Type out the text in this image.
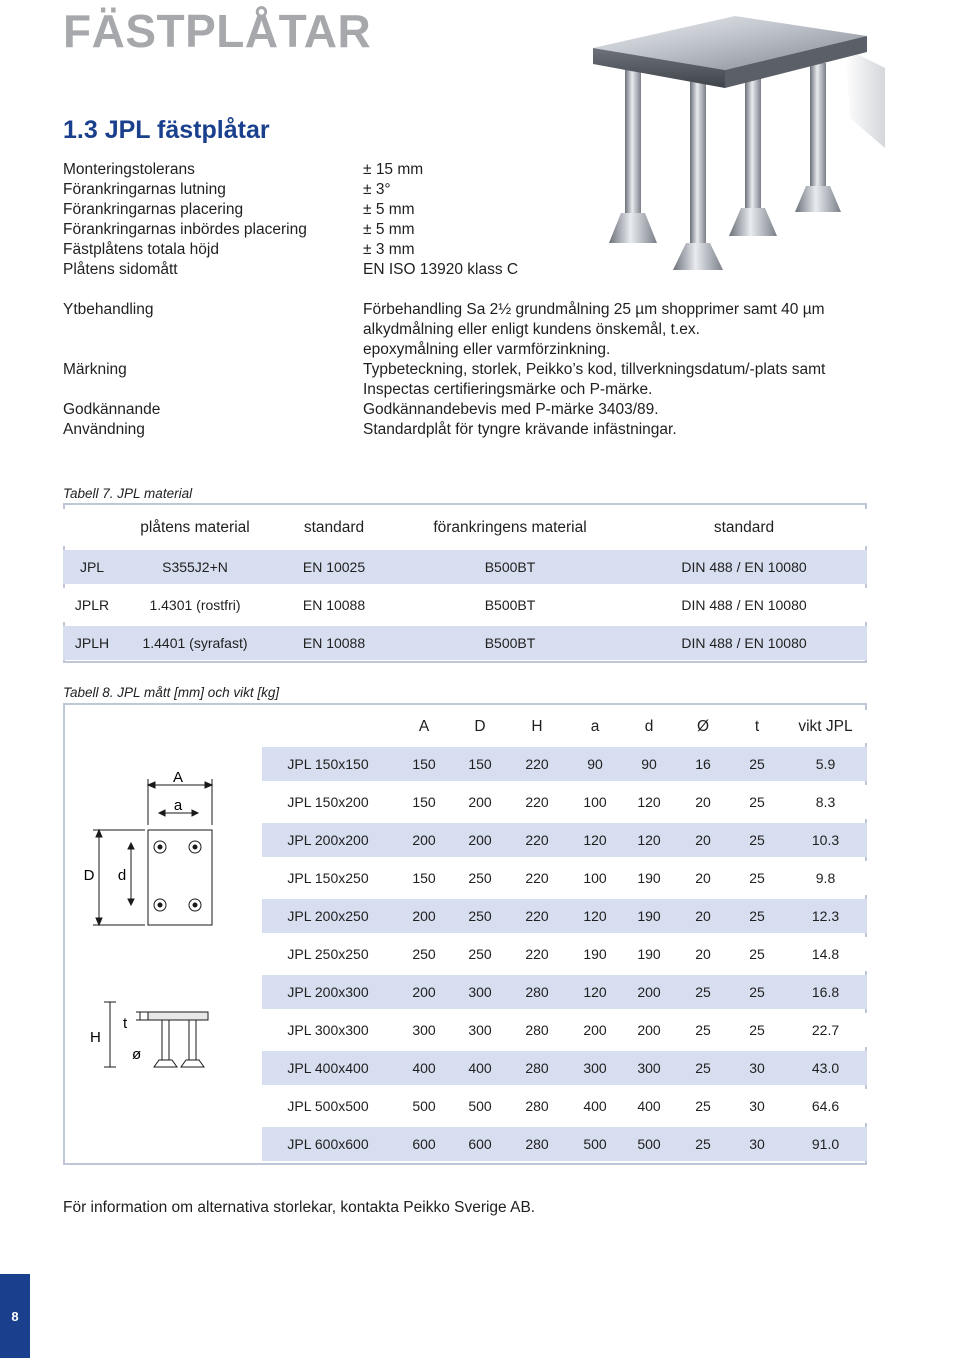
FÄSTPLÅTAR
1.3 JPL fästplåtar
Monteringstolerans	± 15 mm
Förankringarnas lutning	± 3°
Förankringarnas placering	± 5 mm
Förankringarnas inbördes placering	± 5 mm
Fästplåtens totala höjd	± 3 mm
Plåtens sidomått	EN ISO 13920 klass C
Ytbehandling	Förbehandling Sa 2½ grundmålning 25 µm shopprimer samt 40 µm
alkydmålning eller enligt kundens önskemål, t.ex.
epoxymålning eller varmförzinkning.
Märkning	Typbeteckning, storlek, Peikko’s kod, tillverkningsdatum/-plats samt
Inspectas certifieringsmärke och P-märke.
Godkännande	Godkännandebevis med P-märke 3403/89.
Användning	Standardplåt för tyngre krävande infästningar.
Tabell 7. JPL material
	plåtens material	standard	förankringens material	standard
JPL	S355J2+N	EN 10025	B500BT	DIN 488 / EN 10080
JPLR	1.4301 (rostfri)	EN 10088	B500BT	DIN 488 / EN 10080
JPLH	1.4401 (syrafast)	EN 10088	B500BT	DIN 488 / EN 10080
Tabell 8. JPL mått [mm] och vikt [kg]
A
a
D d
H
t
ø
	A	D	H	a	d	Ø	t	vikt JPL
JPL 150x150	150	150	220	90	90	16	25	5.9
JPL 150x200	150	200	220	100	120	20	25	8.3
JPL 200x200	200	200	220	120	120	20	25	10.3
JPL 150x250	150	250	220	100	190	20	25	9.8
JPL 200x250	200	250	220	120	190	20	25	12.3
JPL 250x250	250	250	220	190	190	20	25	14.8
JPL 200x300	200	300	280	120	200	25	25	16.8
JPL 300x300	300	300	280	200	200	25	25	22.7
JPL 400x400	400	400	280	300	300	25	30	43.0
JPL 500x500	500	500	280	400	400	25	30	64.6
JPL 600x600	600	600	280	500	500	25	30	91.0
För information om alternativa storlekar, kontakta Peikko Sverige AB.
8
